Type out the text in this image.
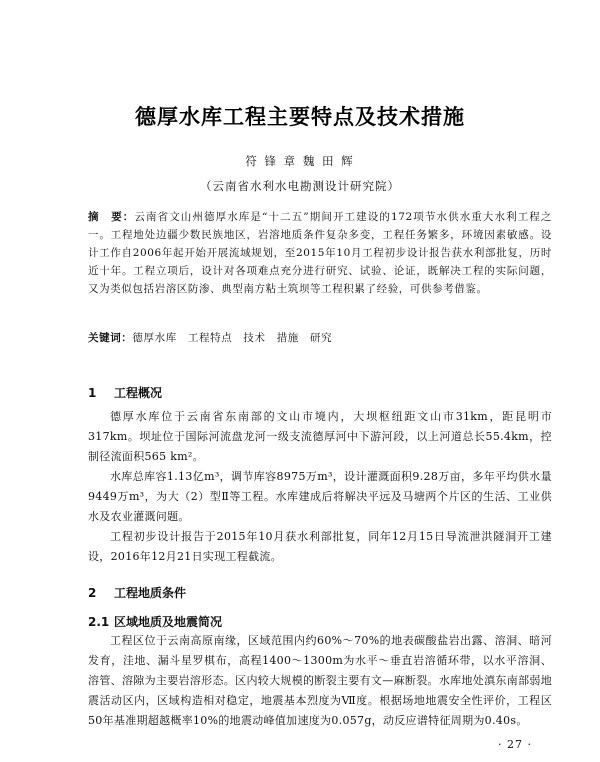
德厚水库工程主要特点及技术措施
符 锋 章 魏 田 辉
（云南省水利水电勘测设计研究院）
摘　要：云南省文山州德厚水库是“十二五”期间开工建设的172项节水供水重大水利工程之一。工程地处边疆少数民族地区，岩溶地质条件复杂多变，工程任务繁多，环境因素敏感。设计工作自2006年起开始开展流域规划，至2015年10月工程初步设计报告获水利部批复，历时近十年。工程立项后，设计对各项难点充分进行研究、试验、论证，既解决工程的实际问题，又为类似包括岩溶区防渗、典型南方粘土筑坝等工程积累了经验，可供参考借鉴。
关键词：德厚水库　工程特点　技术　措施　研究
1 工程概况
德厚水库位于云南省东南部的文山市境内，大坝枢纽距文山市31km，距昆明市317km。坝址位于国际河流盘龙河一级支流德厚河中下游河段，以上河道总长55.4km，控制径流面积565 km²。
水库总库容1.13亿m³，调节库容8975万m³，设计灌溉面积9.28万亩，多年平均供水量9449万m³，为大（2）型Ⅱ等工程。水库建成后将解决平远及马塘两个片区的生活、工业供水及农业灌溉问题。
工程初步设计报告于2015年10月获水利部批复，同年12月15日导流泄洪隧洞开工建设，2016年12月21日实现工程截流。
2 工程地质条件
2.1 区域地质及地震简况
工程区位于云南高原南缘，区域范围内约60%～70%的地表碳酸盐岩出露、溶洞、暗河发育，洼地、漏斗星罗棋布，高程1400～1300m为水平～垂直岩溶循环带，以水平溶洞、溶管、溶隙为主要岩溶形态。区内较大规模的断裂主要有文—麻断裂。水库地处滇东南部弱地震活动区内，区域构造相对稳定，地震基本烈度为Ⅶ度。根据场地地震安全性评价，工程区50年基准期超越概率10%的地震动峰值加速度为0.057g，动反应谱特征周期为0.40s。
· 27 ·
